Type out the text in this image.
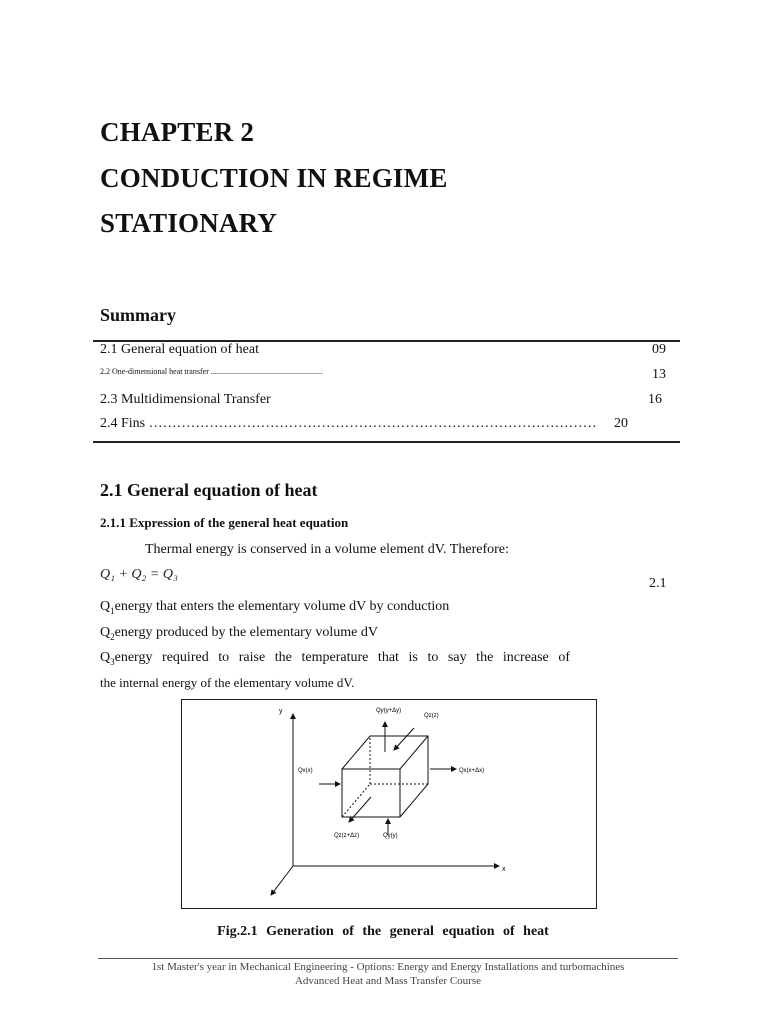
CHAPTER 2
CONDUCTION IN REGIME
STATIONARY
Summary
2.1 General equation of heat	09
2.2 One-dimensional heat transfer ........................................................	13
2.3 Multidimensional Transfer	16
2.4 Fins ……………………………………………………………………………………	20
2.1 General equation of heat
2.1.1 Expression of the general heat equation
Thermal energy is conserved in a volume element dV. Therefore:
Q₁ + Q₂ = Q₃
2.1
$Q_1energy$ that enters the elementary volume dV by conduction
$Q_2energy$ produced by the elementary volume dV
$Q_3energy$ required to raise the temperature that is to say the increase of
the internal energy of the elementary volume dV.
y
x
Qy(y+Δy)
Qz(z)
Qx(x)	Qx(x+Δx)
Qz(z+Δz)	Qy(y)
Fig.2.1 Generation of the general equation of heat
1st Master's year in Mechanical Engineering - Options: Energy and Energy Installations and turbomachines
Advanced Heat and Mass Transfer Course
